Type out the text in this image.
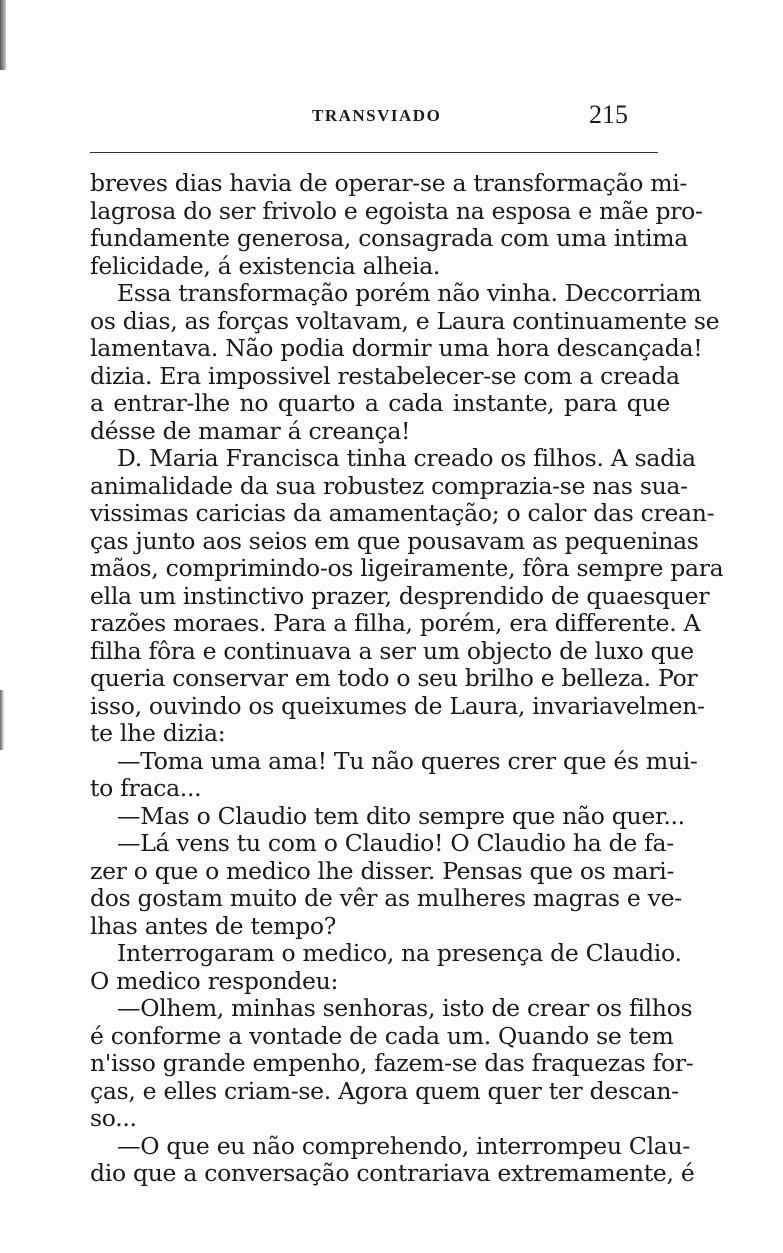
TRANSVIADO	215
breves dias havia de operar-se a transformação mi-
lagrosa do ser frivolo e egoista na esposa e mãe pro-
fundamente generosa, consagrada com uma intima
felicidade, á existencia alheia.
Essa transformação porém não vinha. Deccorriam
os dias, as forças voltavam, e Laura continuamente se
lamentava. Não podia dormir uma hora descançada!
dizia. Era impossivel restabelecer-se com a creada
a entrar-lhe no quarto a cada instante, para que
désse de mamar á creança!
D. Maria Francisca tinha creado os filhos. A sadia
animalidade da sua robustez comprazia-se nas sua-
vissimas caricias da amamentação; o calor das crean-
ças junto aos seios em que pousavam as pequeninas
mãos, comprimindo-os ligeiramente, fôra sempre para
ella um instinctivo prazer, desprendido de quaesquer
razões moraes. Para a filha, porém, era differente. A
filha fôra e continuava a ser um objecto de luxo que
queria conservar em todo o seu brilho e belleza. Por
isso, ouvindo os queixumes de Laura, invariavelmen-
te lhe dizia:
—Toma uma ama! Tu não queres crer que és mui-
to fraca...
—Mas o Claudio tem dito sempre que não quer...
—Lá vens tu com o Claudio! O Claudio ha de fa-
zer o que o medico lhe disser. Pensas que os mari-
dos gostam muito de vêr as mulheres magras e ve-
lhas antes de tempo?
Interrogaram o medico, na presença de Claudio.
O medico respondeu:
—Olhem, minhas senhoras, isto de crear os filhos
é conforme a vontade de cada um. Quando se tem
n'isso grande empenho, fazem-se das fraquezas for-
ças, e elles criam-se. Agora quem quer ter descan-
so...
—O que eu não comprehendo, interrompeu Clau-
dio que a conversação contrariava extremamente, é
